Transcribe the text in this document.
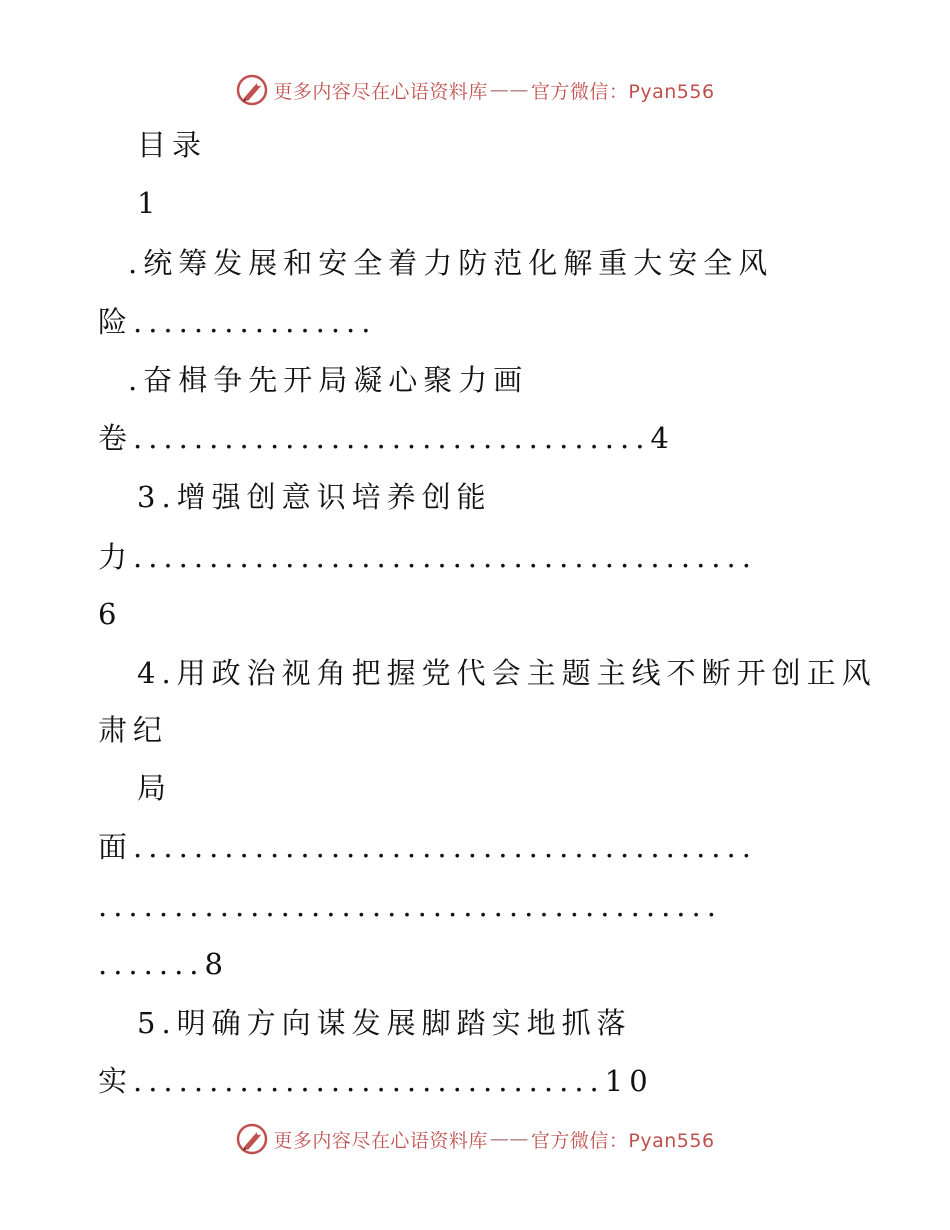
更多内容尽在心语资料库 —— 官方微信：Pyan556
目录
1
.统筹发展和安全着力防范化解重大安全风
险................
.奋楫争先开局凝心聚力画
卷..................................4
3.增强创意识培养创能
力.........................................
6
4.用政治视角把握党代会主题主线不断开创正风
肃纪
局
面.........................................
.........................................
.......8
5.明确方向谋发展脚踏实地抓落
实...............................10
更多内容尽在心语资料库 —— 官方微信：Pyan556
